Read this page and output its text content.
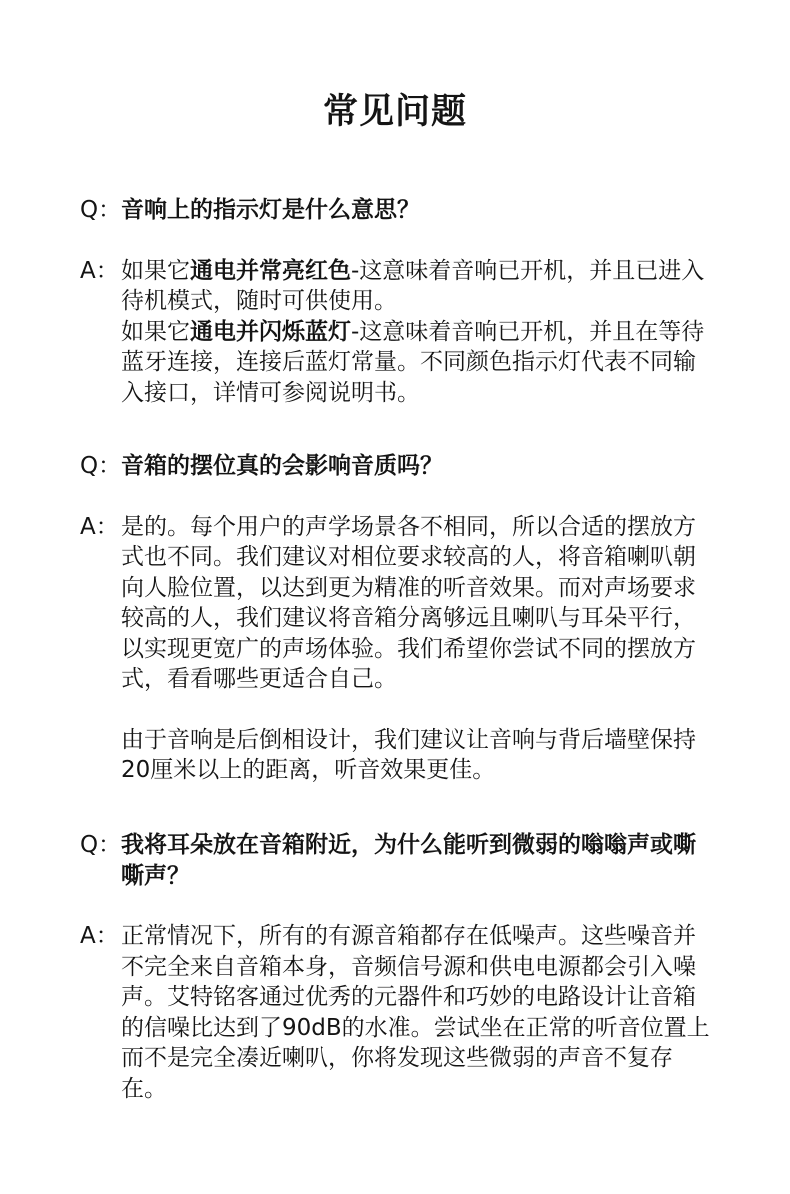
常见问题
Q： 音响上的指示灯是什么意思？
A： 如果它通电并常亮红色-这意味着音响已开机，并且已进入待机模式，随时可供使用。
如果它通电并闪烁蓝灯-这意味着音响已开机，并且在等待蓝牙连接，连接后蓝灯常量。不同颜色指示灯代表不同输入接口，详情可参阅说明书。
Q： 音箱的摆位真的会影响音质吗？
A： 是的。每个用户的声学场景各不相同，所以合适的摆放方式也不同。我们建议对相位要求较高的人，将音箱喇叭朝向人脸位置，以达到更为精准的听音效果。而对声场要求较高的人，我们建议将音箱分离够远且喇叭与耳朵平行，以实现更宽广的声场体验。我们希望你尝试不同的摆放方式，看看哪些更适合自己。
由于音响是后倒相设计，我们建议让音响与背后墙壁保持20厘米以上的距离，听音效果更佳。
Q： 我将耳朵放在音箱附近，为什么能听到微弱的嗡嗡声或嘶嘶声？
A： 正常情况下，所有的有源音箱都存在低噪声。这些噪音并不完全来自音箱本身，音频信号源和供电电源都会引入噪声。艾特铭客通过优秀的元器件和巧妙的电路设计让音箱的信噪比达到了90dB的水准。尝试坐在正常的听音位置上而不是完全凑近喇叭，你将发现这些微弱的声音不复存在。
